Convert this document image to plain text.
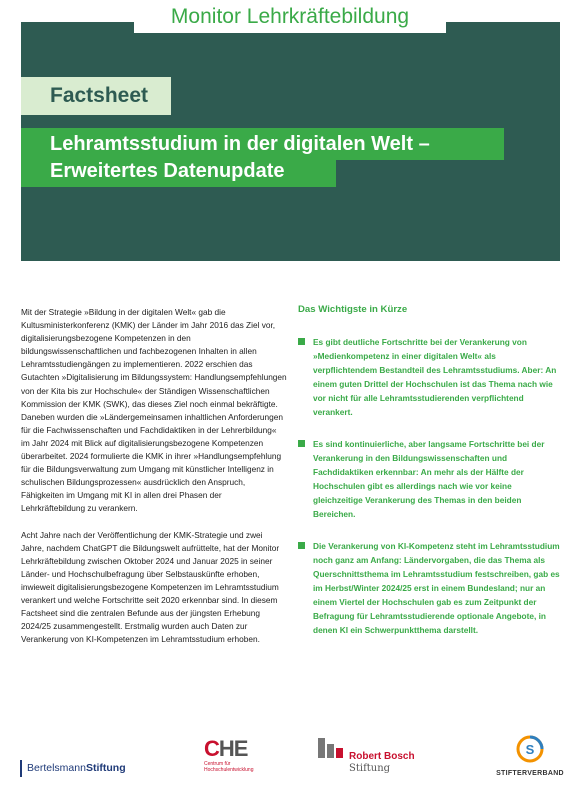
Monitor Lehrkräftebildung
Factsheet
Lehramtsstudium in der digitalen Welt –
Erweitertes Datenupdate

Mit der Strategie »Bildung in der digitalen Welt« gab die Kultusministerkonferenz (KMK) der Länder im Jahr 2016 das Ziel vor, digitalisierungsbezogene Kompetenzen in den bildungswissenschaftlichen und fachbezogenen Inhalten in allen Lehramtsstudiengängen zu implementieren. 2022 erschien das Gutachten »Digitalisierung im Bildungssystem: Handlungsempfehlungen von der Kita bis zur Hochschule« der Ständigen Wissenschaftlichen Kommission der KMK (SWK), das dieses Ziel noch einmal bekräftigte. Daneben wurden die »Ländergemeinsamen inhaltlichen Anforderungen für die Fachwissenschaften und Fachdidaktiken in der Lehrerbildung« im Jahr 2024 mit Blick auf digitalisierungsbezogene Kompetenzen überarbeitet. 2024 formulierte die KMK in ihrer »Handlungsempfehlung für die Bildungsverwaltung zum Umgang mit künstlicher Intelligenz in schulischen Bildungsprozessen« ausdrücklich den Anspruch, Fähigkeiten im Umgang mit KI in allen drei Phasen der Lehrkräftebildung zu verankern.

Acht Jahre nach der Veröffentlichung der KMK-Strategie und zwei Jahre, nachdem ChatGPT die Bildungswelt aufrüttelte, hat der Monitor Lehrkräftebildung zwischen Oktober 2024 und Januar 2025 in seiner Länder- und Hochschulbefragung über Selbstauskünfte erhoben, inwieweit digitalisierungsbezogene Kompetenzen im Lehramtsstudium verankert und welche Fortschritte seit 2020 erkennbar sind. In diesem Factsheet sind die zentralen Befunde aus der jüngsten Erhebung 2024/25 zusammengestellt. Erstmalig wurden auch Daten zur Verankerung von KI-Kompetenzen im Lehramtsstudium erhoben.

Das Wichtigste in Kürze
Es gibt deutliche Fortschritte bei der Verankerung von »Medienkompetenz in einer digitalen Welt« als verpflichtendem Bestandteil des Lehramtsstudiums. Aber: An einem guten Drittel der Hochschulen ist das Thema nach wie vor nicht für alle Lehramtsstudierenden verpflichtend verankert.
Es sind kontinuierliche, aber langsame Fortschritte bei der Verankerung in den Bildungswissenschaften und Fachdidaktiken erkennbar: An mehr als der Hälfte der Hochschulen gibt es allerdings nach wie vor keine gleichzeitige Verankerung des Themas in den beiden Bereichen.
Die Verankerung von KI-Kompetenz steht im Lehramtsstudium noch ganz am Anfang: Ländervorgaben, die das Thema als Querschnittsthema im Lehramtsstudium festschreiben, gab es im Herbst/Winter 2024/25 erst in einem Bundesland; nur an einem Viertel der Hochschulen gab es zum Zeitpunkt der Befragung für Lehramtsstudierende optionale Angebote, in denen KI ein Schwerpunktthema darstellt.
BertelsmannStiftung
CHE
Centrum für Hochschulentwicklung
Robert Bosch
Stiftung
S
STIFTERVERBAND
